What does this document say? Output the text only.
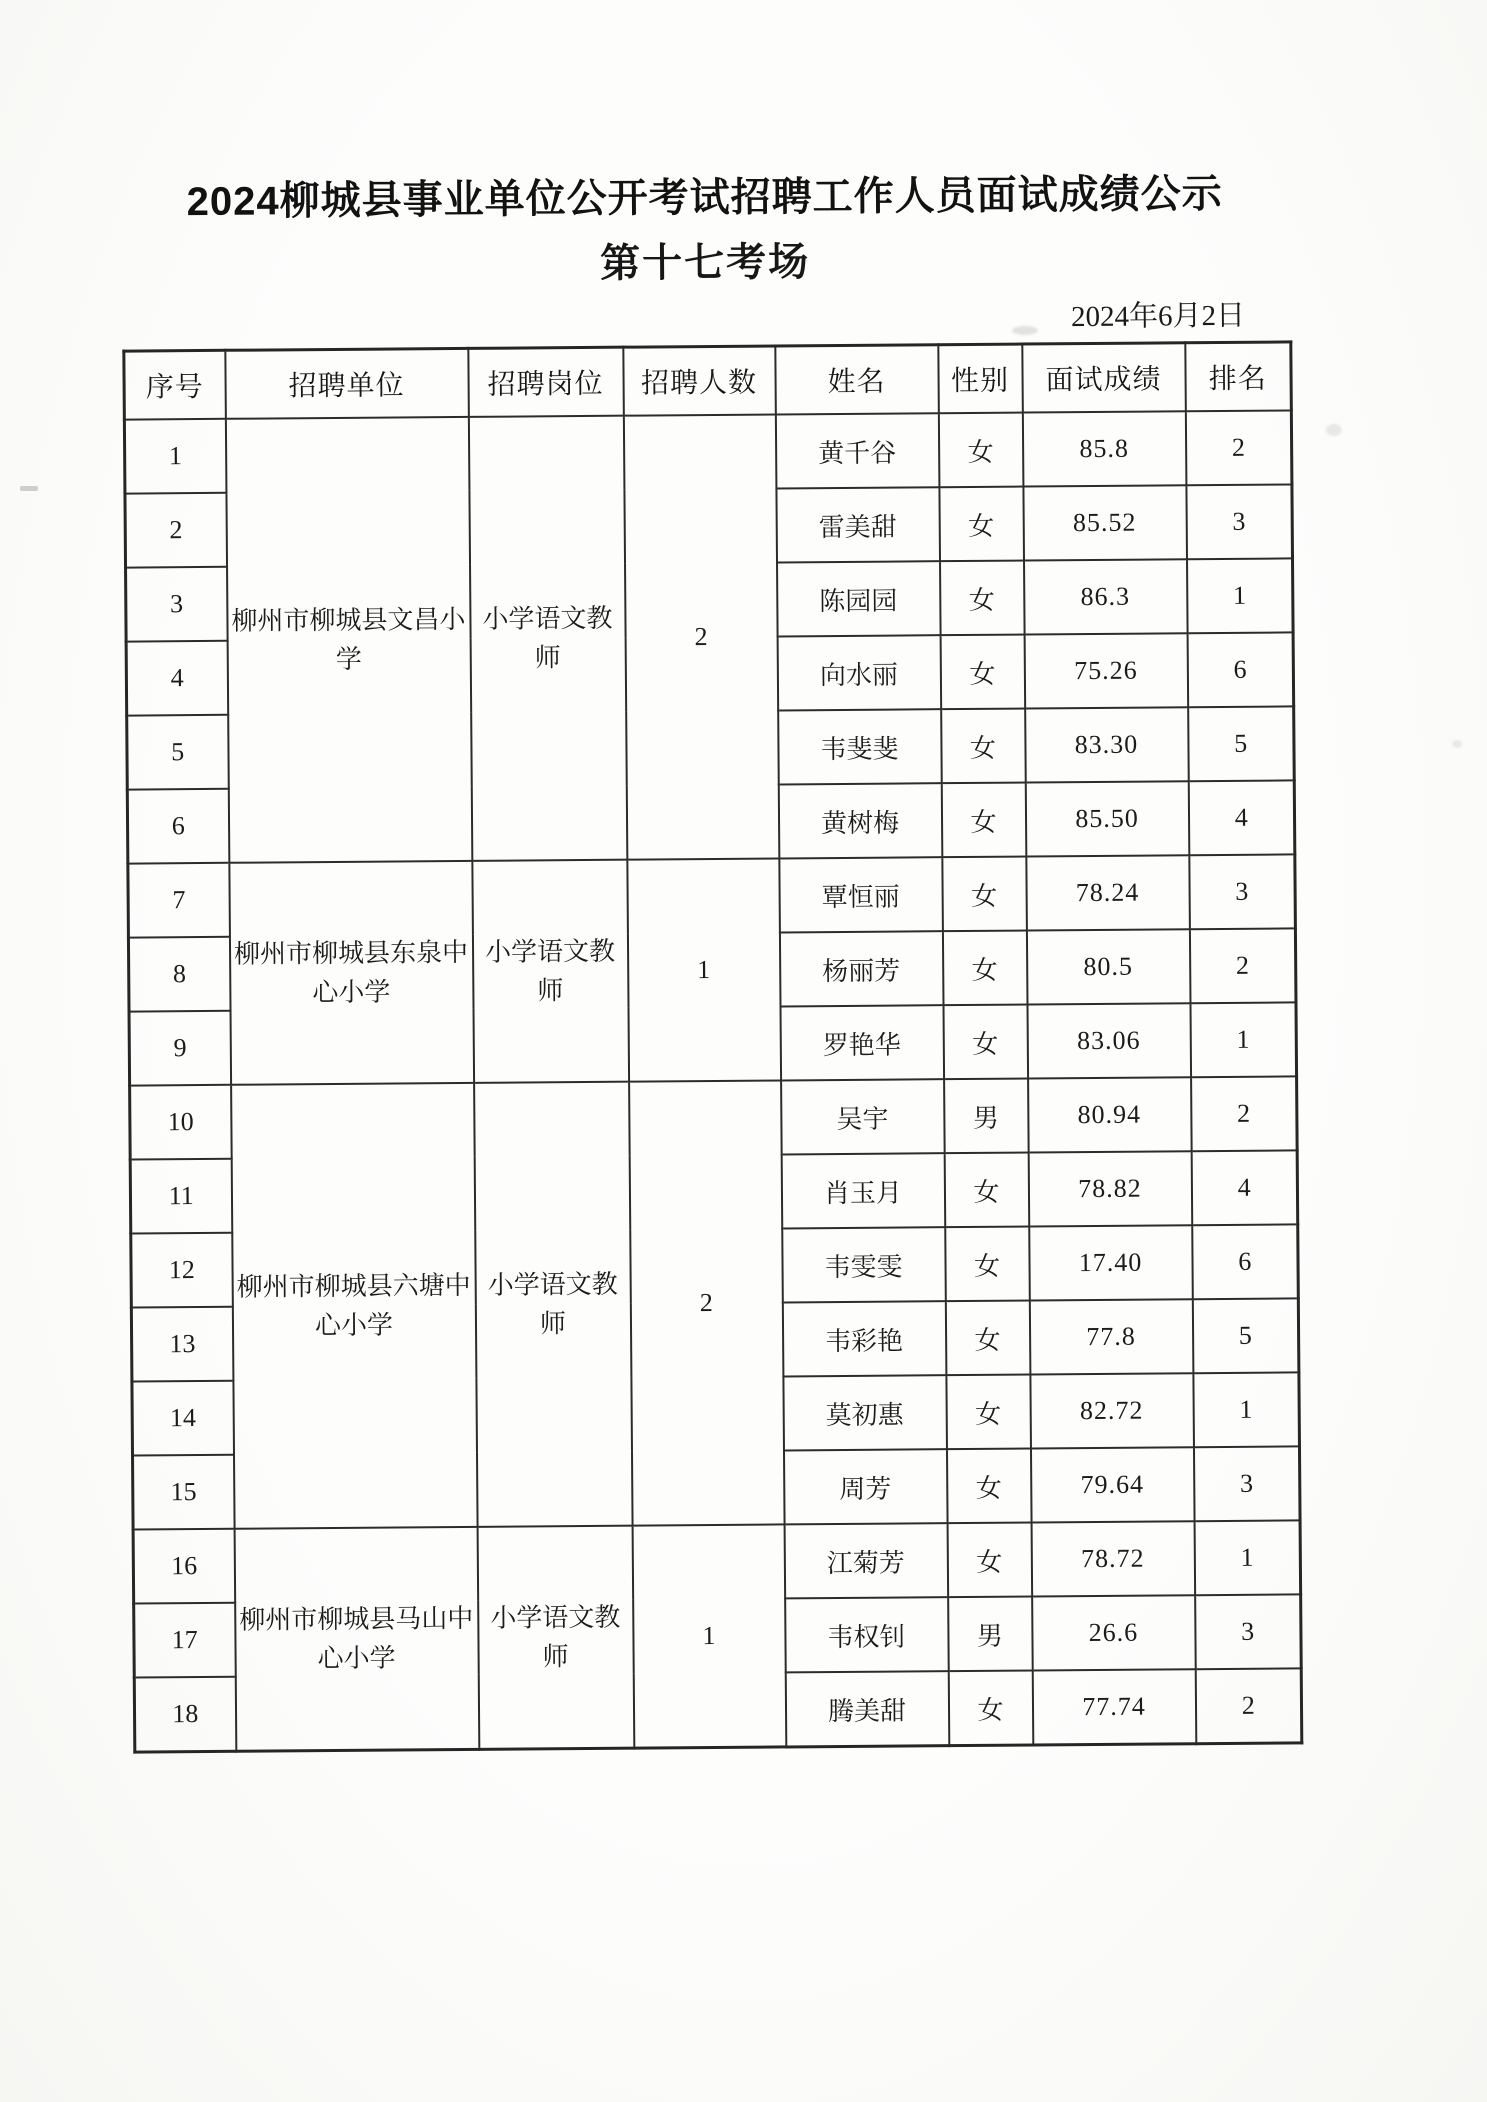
2024柳城县事业单位公开考试招聘工作人员面试成绩公示
第十七考场
2024年6月2日
序号	招聘单位	招聘岗位	招聘人数	姓名	性别	面试成绩	排名
1	柳州市柳城县文昌小学	小学语文教师	2	黄千谷	女	85.8	2
2				雷美甜	女	85.52	3
3				陈园园	女	86.3	1
4				向水丽	女	75.26	6
5				韦斐斐	女	83.30	5
6				黄树梅	女	85.50	4
7	柳州市柳城县东泉中心小学	小学语文教师	1	覃恒丽	女	78.24	3
8				杨丽芳	女	80.5	2
9				罗艳华	女	83.06	1
10	柳州市柳城县六塘中心小学	小学语文教师	2	吴宇	男	80.94	2
11				肖玉月	女	78.82	4
12				韦雯雯	女	17.40	6
13				韦彩艳	女	77.8	5
14				莫初惠	女	82.72	1
15				周芳	女	79.64	3
16	柳州市柳城县马山中心小学	小学语文教师	1	江菊芳	女	78.72	1
17				韦权钊	男	26.6	3
18				腾美甜	女	77.74	2
